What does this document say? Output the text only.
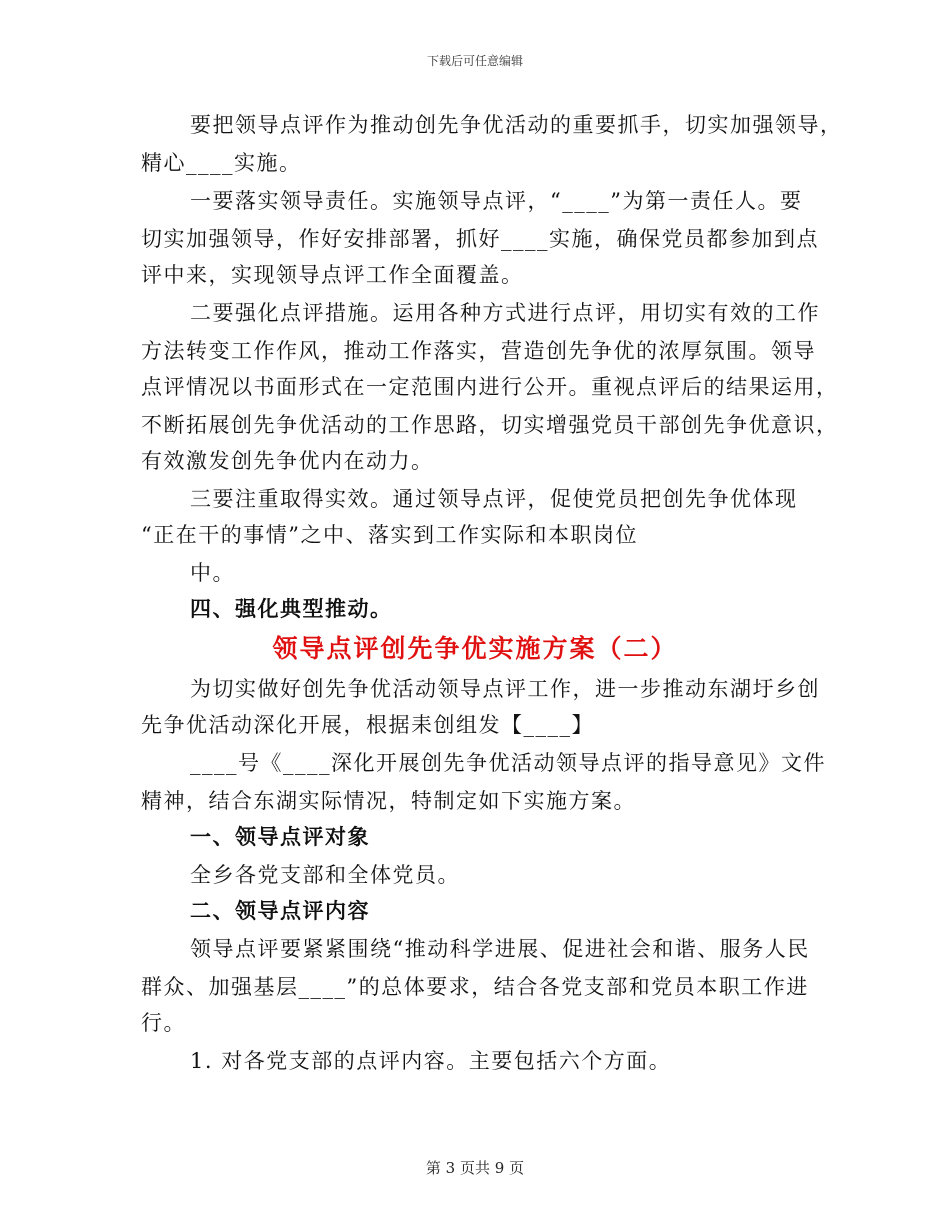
下载后可任意编辑
要把领导点评作为推动创先争优活动的重要抓手，切实加强领导，
精心____实施。
一要落实领导责任。实施领导点评，“____”为第一责任人。要
切实加强领导，作好安排部署，抓好____实施，确保党员都参加到点
评中来，实现领导点评工作全面覆盖。
二要强化点评措施。运用各种方式进行点评，用切实有效的工作
方法转变工作作风，推动工作落实，营造创先争优的浓厚氛围。领导
点评情况以书面形式在一定范围内进行公开。重视点评后的结果运用，
不断拓展创先争优活动的工作思路，切实增强党员干部创先争优意识，
有效激发创先争优内在动力。
三要注重取得实效。通过领导点评，促使党员把创先争优体现
“正在干的事情”之中、落实到工作实际和本职岗位
中。
四、强化典型推动。
领导点评创先争优实施方案（二）
为切实做好创先争优活动领导点评工作，进一步推动东湖圩乡创
先争优活动深化开展，根据耒创组发【____】
____号《____深化开展创先争优活动领导点评的指导意见》文件
精神，结合东湖实际情况，特制定如下实施方案。
一、领导点评对象
全乡各党支部和全体党员。
二、领导点评内容
领导点评要紧紧围绕“推动科学进展、促进社会和谐、服务人民
群众、加强基层____”的总体要求，结合各党支部和党员本职工作进
行。
1. 对各党支部的点评内容。主要包括六个方面。
第 3 页共 9 页
